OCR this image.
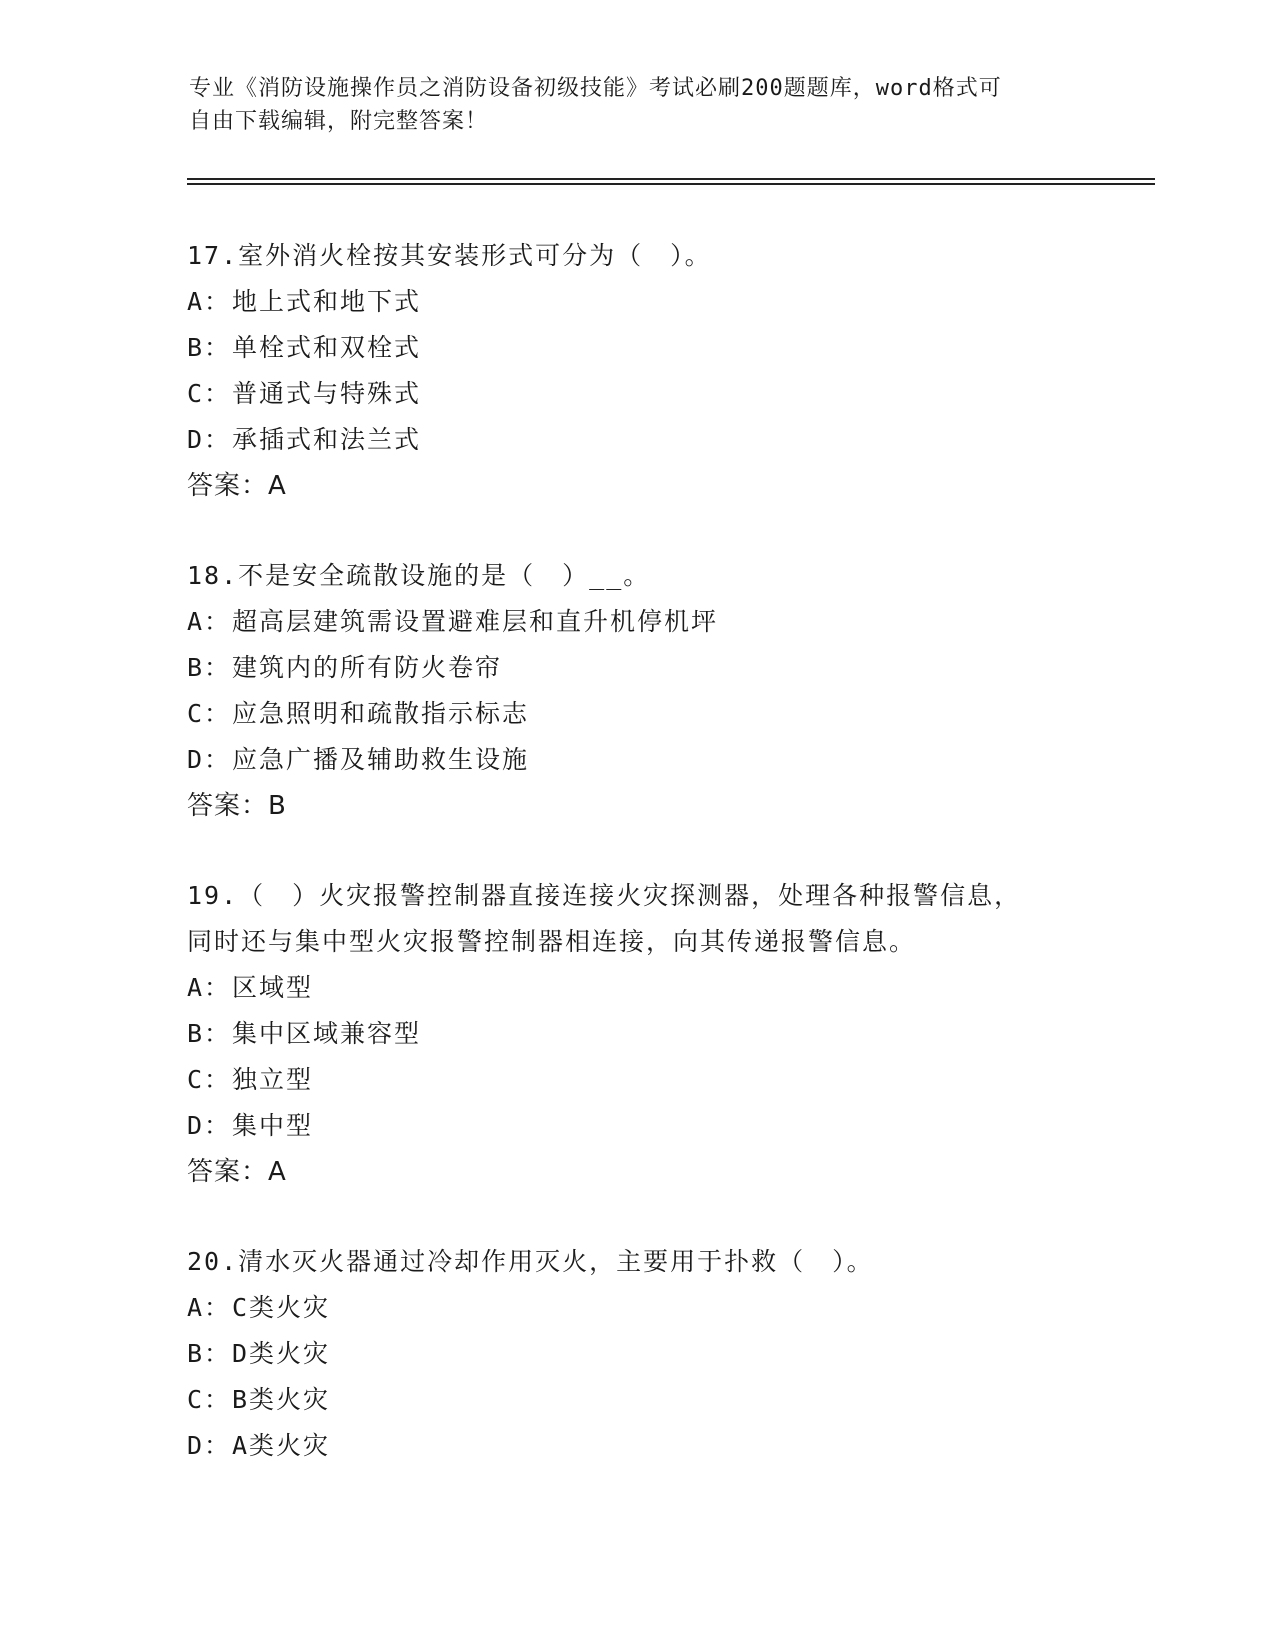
专业《消防设施操作员之消防设备初级技能》考试必刷200题题库，word格式可
自由下载编辑，附完整答案！
17.室外消火栓按其安装形式可分为（　）。
A：地上式和地下式
B：单栓式和双栓式
C：普通式与特殊式
D：承插式和法兰式
答案：A
18.不是安全疏散设施的是（　）__。
A：超高层建筑需设置避难层和直升机停机坪
B：建筑内的所有防火卷帘
C：应急照明和疏散指示标志
D：应急广播及辅助救生设施
答案：B
19.（　）火灾报警控制器直接连接火灾探测器，处理各种报警信息，
同时还与集中型火灾报警控制器相连接，向其传递报警信息。
A：区域型
B：集中区域兼容型
C：独立型
D：集中型
答案：A
20.清水灭火器通过冷却作用灭火，主要用于扑救（　）。
A：C类火灾
B：D类火灾
C：B类火灾
D：A类火灾
